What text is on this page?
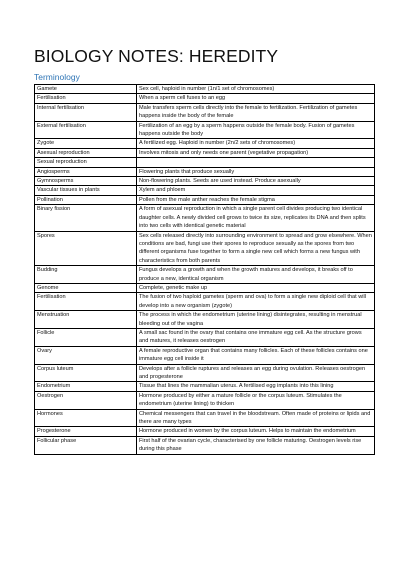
BIOLOGY NOTES: HEREDITY
Terminology
Gamete	Sex cell, haploid in number (1n/1 set of chromosomes)
Fertilisation	When a sperm cell fuses to an egg
Internal fertilisation	Male transfers sperm cells directly into the female to fertilization. Fertilization of gametes happens inside the body of the female
External fertilisation	Fertilization of an egg by a sperm happens outside the female body. Fusion of gametes happens outside the body
Zygote	A fertilized egg. Haploid in number (2n/2 sets of chromosomes)
Asexual reproduction	Involves mitosis and only needs one parent (vegetative propagation)
Sexual reproduction	
Angiosperms	Flowering plants that produce sexually
Gymnosperms	Non-flowering plants. Seeds are used instead. Produce asexually
Vascular tissues in plants	Xylem and phloem
Pollination	Pollen from the male anther reaches the female stigma
Binary fission	A form of asexual reproduction in which a single parent cell divides producing two identical daughter cells. A newly divided cell grows to twice its size, replicates its DNA and then splits into two cells with identical genetic material
Spores	Sex cells released directly into surrounding environment to spread and grow elsewhere. When conditions are bad, fungi use their spores to reproduce sexually as the spores from two different organisms fuse together to form a single new cell which forms a new fungus with characteristics from both parents
Budding	Fungus develops a growth and when the growth matures and develops, it breaks off to produce a new, identical organism
Genome	Complete, genetic make up
Fertilisation	The fusion of two haploid gametes (sperm and ova) to form a single new diploid cell that will develop into a new organism (zygote)
Menstruation	The process in which the endometrium (uterine lining) disintegrates, resulting in menstrual bleeding out of the vagina
Follicle	A small sac found in the ovary that contains one immature egg cell. As the structure grows and matures, it releases oestrogen
Ovary	A female reproductive organ that contains many follicles. Each of these follicles contains one immature egg cell inside it
Corpus luteum	Develops after a follicle ruptures and releases an egg during ovulation. Releases oestrogen and progesterone
Endometrium	Tissue that lines the mammalian uterus. A fertilised egg implants into this lining
Oestrogen	Hormone produced by either a mature follicle or the corpus luteum. Stimulates the endometrium (uterine lining) to thicken
Hormones	Chemical messengers that can travel in the bloodstream. Often made of proteins or lipids and there are many types
Progesterone	Hormone produced in women by the corpus luteum. Helps to maintain the endometrium
Follicular phase	First half of the ovarian cycle, characterised by one follicle maturing. Oestrogen levels rise during this phase
